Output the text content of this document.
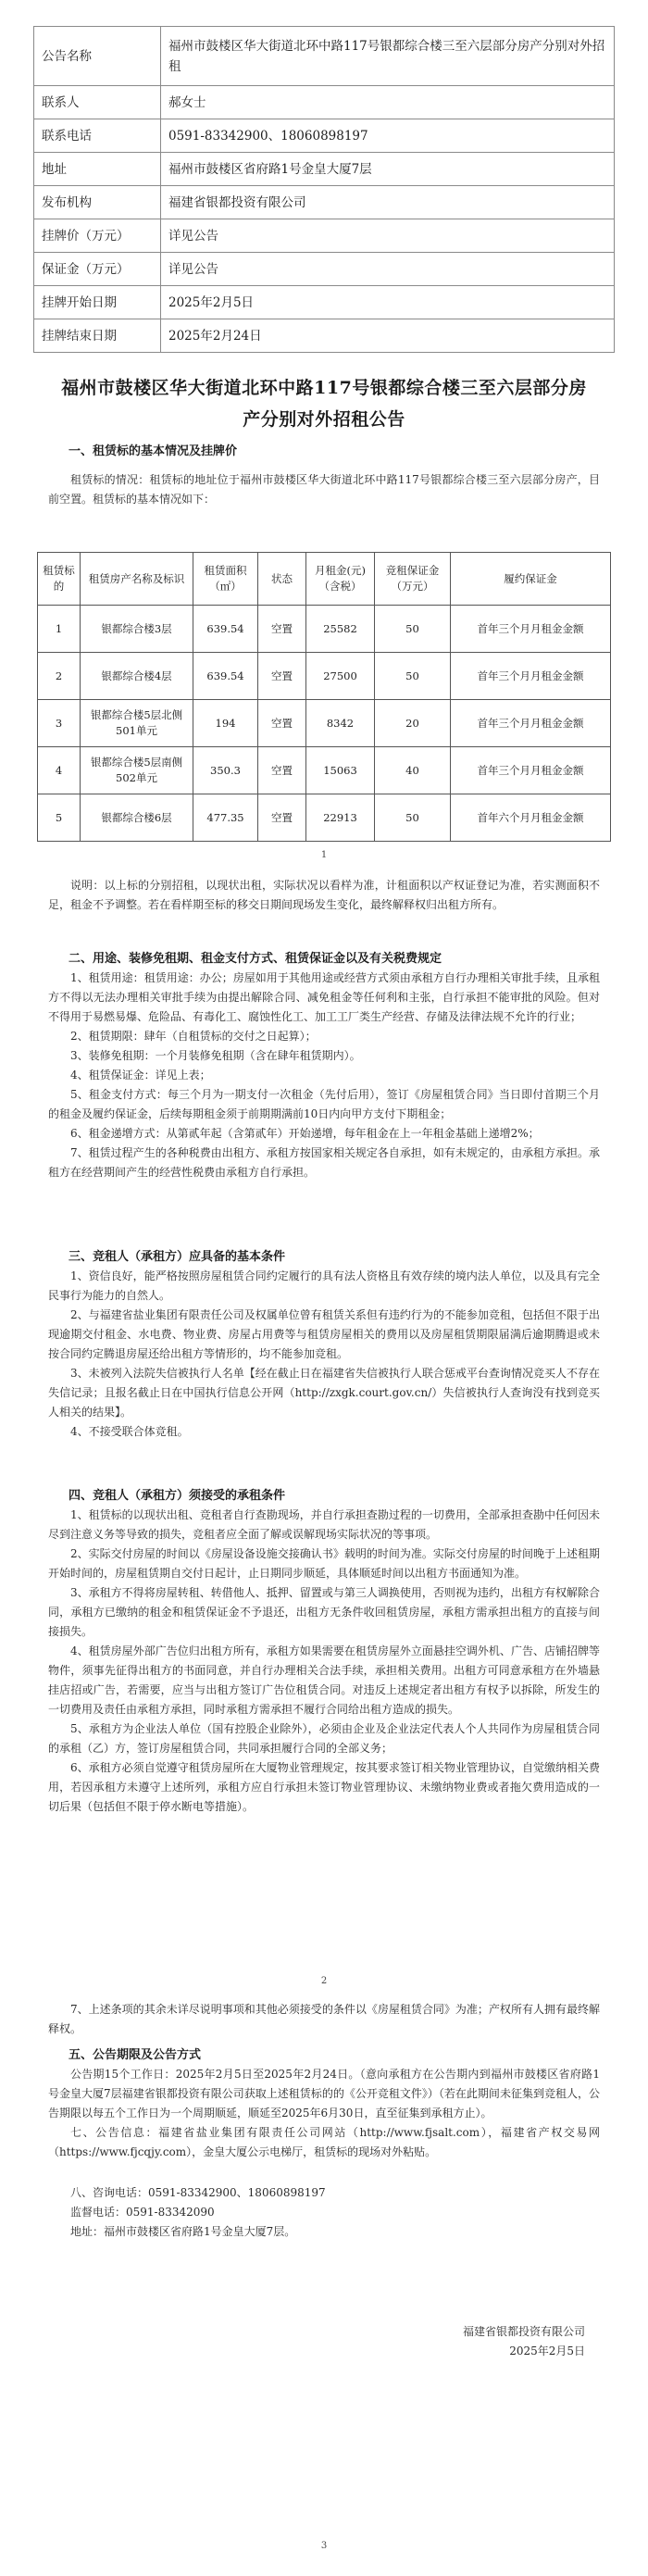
公告名称	福州市鼓楼区华大街道北环中路117号银都综合楼三至六层部分房产分别对外招租
联系人	郝女士
联系电话	0591-83342900、18060898197
地址	福州市鼓楼区省府路1号金皇大厦7层
发布机构	福建省银都投资有限公司
挂牌价（万元）	详见公告
保证金（万元）	详见公告
挂牌开始日期	2025年2月5日
挂牌结束日期	2025年2月24日
福州市鼓楼区华大街道北环中路117号银都综合楼三至六层部分房
产分别对外招租公告
一、租赁标的基本情况及挂牌价
租赁标的情况：租赁标的地址位于福州市鼓楼区华大街道北环中路117号银都综合楼三至六层部分房产，目前空置。租赁标的基本情况如下：
租赁标的	租赁房产名称及标识	租赁面积（㎡）	状态	月租金(元)（含税）	竞租保证金（万元）	履约保证金
1	银都综合楼3层	639.54	空置	25582	50	首年三个月月租金金额
2	银都综合楼4层	639.54	空置	27500	50	首年三个月月租金金额
3	银都综合楼5层北侧501单元	194	空置	8342	20	首年三个月月租金金额
4	银都综合楼5层南侧502单元	350.3	空置	15063	40	首年三个月月租金金额
5	银都综合楼6层	477.35	空置	22913	50	首年六个月月租金金额
1
说明：以上标的分别招租，以现状出租，实际状况以看样为准，计租面积以产权证登记为准，若实测面积不足，租金不予调整。若在看样期至标的移交日期间现场发生变化，最终解释权归出租方所有。
二、用途、装修免租期、租金支付方式、租赁保证金以及有关税费规定
1、租赁用途：租赁用途：办公；房屋如用于其他用途或经营方式须由承租方自行办理相关审批手续，且承租方不得以无法办理相关审批手续为由提出解除合同、减免租金等任何利和主张，自行承担不能审批的风险。但对不得用于易燃易爆、危险品、有毒化工、腐蚀性化工、加工工厂类生产经营、存储及法律法规不允许的行业；
2、租赁期限：肆年（自租赁标的交付之日起算）；
3、装修免租期：一个月装修免租期（含在肆年租赁期内）。
4、租赁保证金：详见上表；
5、租金支付方式：每三个月为一期支付一次租金（先付后用），签订《房屋租赁合同》当日即付首期三个月的租金及履约保证金，后续每期租金须于前期期满前10日内向甲方支付下期租金；
6、租金递增方式：从第贰年起（含第贰年）开始递增，每年租金在上一年租金基础上递增2%；
7、租赁过程产生的各种税费由出租方、承租方按国家相关规定各自承担，如有未规定的，由承租方承担。承租方在经营期间产生的经营性税费由承租方自行承担。
三、竞租人（承租方）应具备的基本条件
1、资信良好，能严格按照房屋租赁合同约定履行的具有法人资格且有效存续的境内法人单位，以及具有完全民事行为能力的自然人。
2、与福建省盐业集团有限责任公司及权属单位曾有租赁关系但有违约行为的不能参加竞租，包括但不限于出现逾期交付租金、水电费、物业费、房屋占用费等与租赁房屋相关的费用以及房屋租赁期限届满后逾期腾退或未按合同约定腾退房屋还给出租方等情形的，均不能参加竞租。
3、未被列入法院失信被执行人名单【经在截止日在福建省失信被执行人联合惩戒平台查询情况竞买人不存在失信记录；且报名截止日在中国执行信息公开网（http://zxgk.court.gov.cn/）失信被执行人查询没有找到竞买人相关的结果】。
4、不接受联合体竞租。
四、竞租人（承租方）须接受的承租条件
1、租赁标的以现状出租、竞租者自行查勘现场，并自行承担查勘过程的一切费用，全部承担查勘中任何因未尽到注意义务等导致的损失，竞租者应全面了解或误解现场实际状况的等事项。
2、实际交付房屋的时间以《房屋设备设施交接确认书》载明的时间为准。实际交付房屋的时间晚于上述租期开始时间的，房屋租赁期自交付日起计，止日期同步顺延，具体顺延时间以出租方书面通知为准。
3、承租方不得将房屋转租、转借他人、抵押、留置或与第三人调换使用，否则视为违约，出租方有权解除合同，承租方已缴纳的租金和租赁保证金不予退还，出租方无条件收回租赁房屋，承租方需承担出租方的直接与间接损失。
4、租赁房屋外部广告位归出租方所有，承租方如果需要在租赁房屋外立面悬挂空调外机、广告、店铺招牌等物件，须事先征得出租方的书面同意，并自行办理相关合法手续，承担相关费用。出租方可同意承租方在外墙悬挂店招或广告，若需要，应当与出租方签订广告位租赁合同。对违反上述规定者出租方有权予以拆除，所发生的一切费用及责任由承租方承担，同时承租方需承担不履行合同给出租方造成的损失。
5、承租方为企业法人单位（国有控股企业除外），必须由企业及企业法定代表人个人共同作为房屋租赁合同的承租（乙）方，签订房屋租赁合同，共同承担履行合同的全部义务；
6、承租方必须自觉遵守租赁房屋所在大厦物业管理规定，按其要求签订相关物业管理协议，自觉缴纳相关费用，若因承租方未遵守上述所列，承租方应自行承担未签订物业管理协议、未缴纳物业费或者拖欠费用造成的一切后果（包括但不限于停水断电等措施）。
2
7、上述条项的其余未详尽说明事项和其他必须接受的条件以《房屋租赁合同》为准；产权所有人拥有最终解释权。
五、公告期限及公告方式
公告期15个工作日：2025年2月5日至2025年2月24日。（意向承租方在公告期内到福州市鼓楼区省府路1号金皇大厦7层福建省银都投资有限公司获取上述租赁标的的《公开竞租文件》）（若在此期间未征集到竞租人，公告期限以每五个工作日为一个周期顺延，顺延至2025年6月30日，直至征集到承租方止）。
七、公告信息：福建省盐业集团有限责任公司网站（http://www.fjsalt.com），福建省产权交易网（https://www.fjcqjy.com），金皇大厦公示电梯厅，租赁标的现场对外粘贴。
八、咨询电话：0591-83342900、18060898197
监督电话：0591-83342090
地址：福州市鼓楼区省府路1号金皇大厦7层。
福建省银都投资有限公司
2025年2月5日
3
